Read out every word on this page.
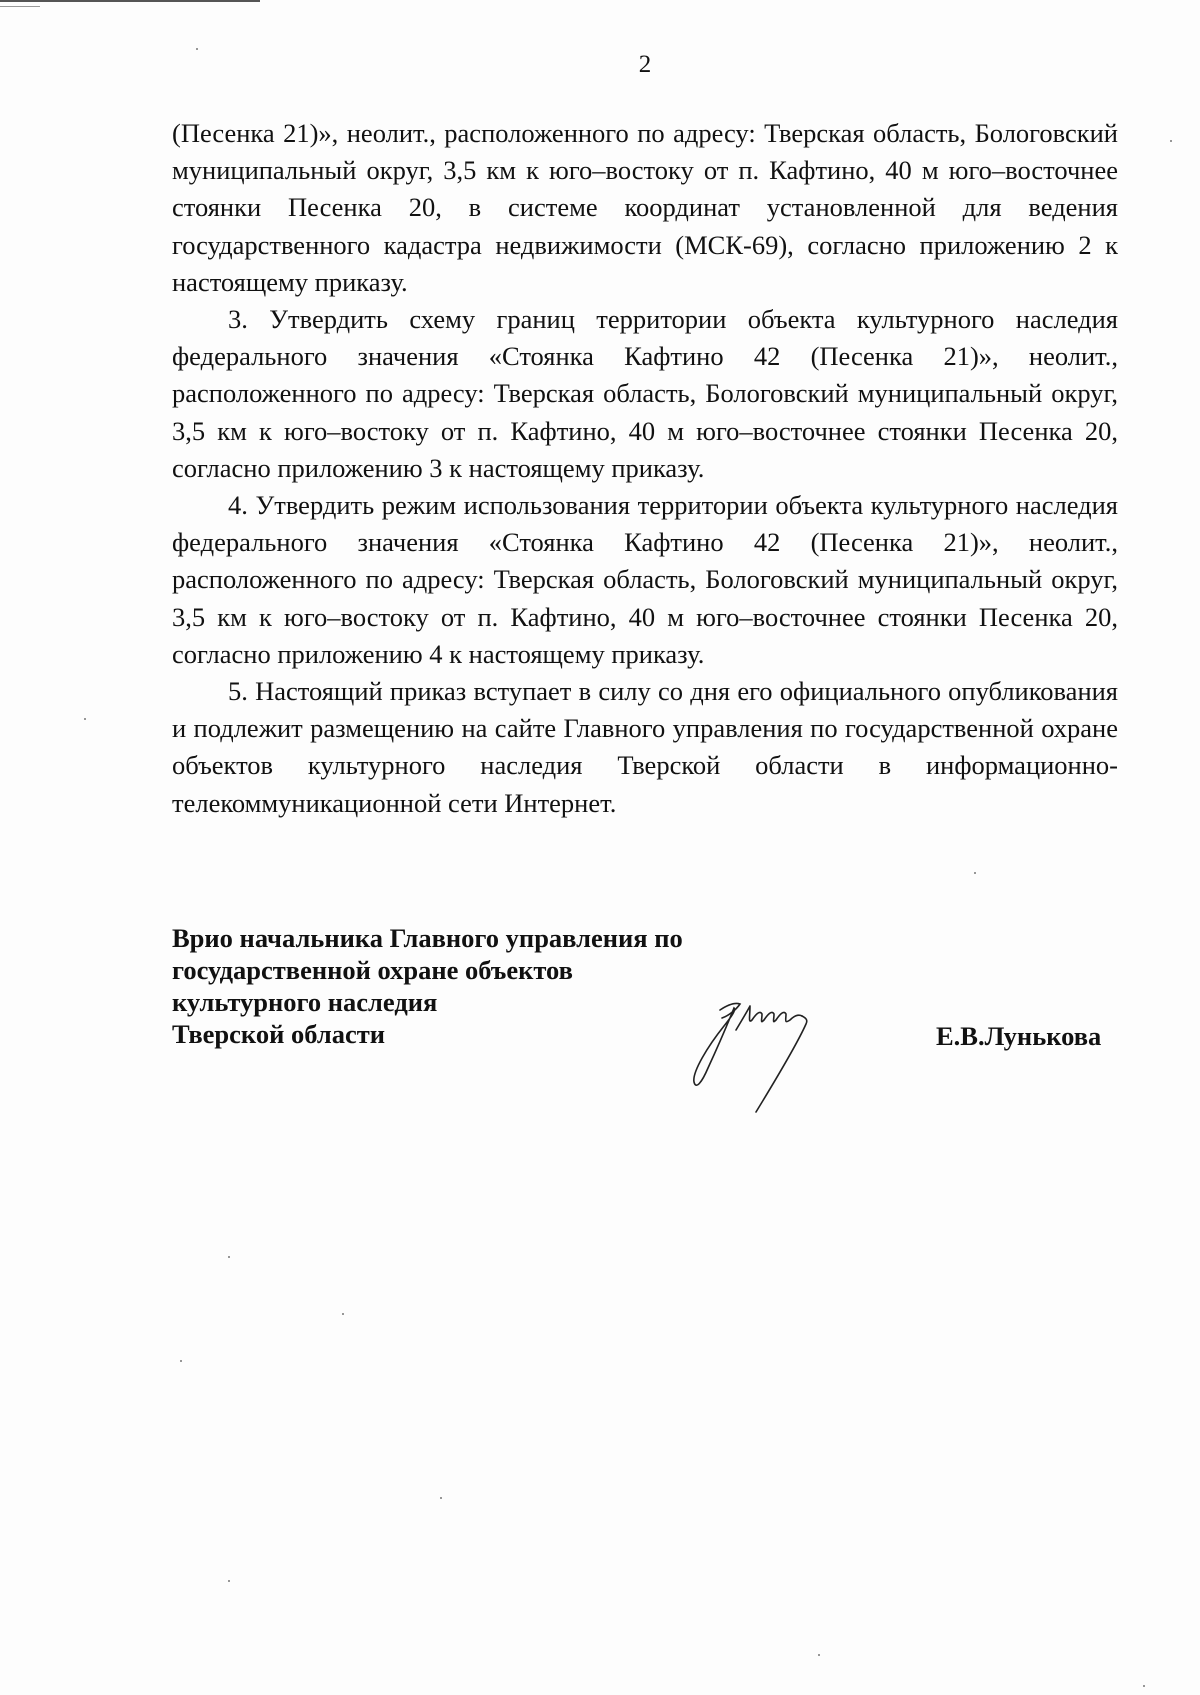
2

(Песенка 21)», неолит., расположенного по адресу: Тверская область, Бологовский муниципальный округ, 3,5 км к юго–востоку от п. Кафтино, 40 м юго–восточнее стоянки Песенка 20, в системе координат установленной для ведения государственного кадастра недвижимости (МСК-69), согласно приложению 2 к настоящему приказу.

3. Утвердить схему границ территории объекта культурного наследия федерального значения «Стоянка Кафтино 42 (Песенка 21)», неолит., расположенного по адресу: Тверская область, Бологовский муниципальный округ, 3,5 км к юго–востоку от п. Кафтино, 40 м юго–восточнее стоянки Песенка 20, согласно приложению 3 к настоящему приказу.

4. Утвердить режим использования территории объекта культурного наследия федерального значения «Стоянка Кафтино 42 (Песенка 21)», неолит., расположенного по адресу: Тверская область, Бологовский муниципальный округ, 3,5 км к юго–востоку от п. Кафтино, 40 м юго–восточнее стоянки Песенка 20, согласно приложению 4 к настоящему приказу.

5. Настоящий приказ вступает в силу со дня его официального опубликования и подлежит размещению на сайте Главного управления по государственной охране объектов культурного наследия Тверской области в информационно-телекоммуникационной сети Интернет.

Врио начальника Главного управления по
государственной охране объектов
культурного наследия
Тверской области	Е.В.Лунькова
